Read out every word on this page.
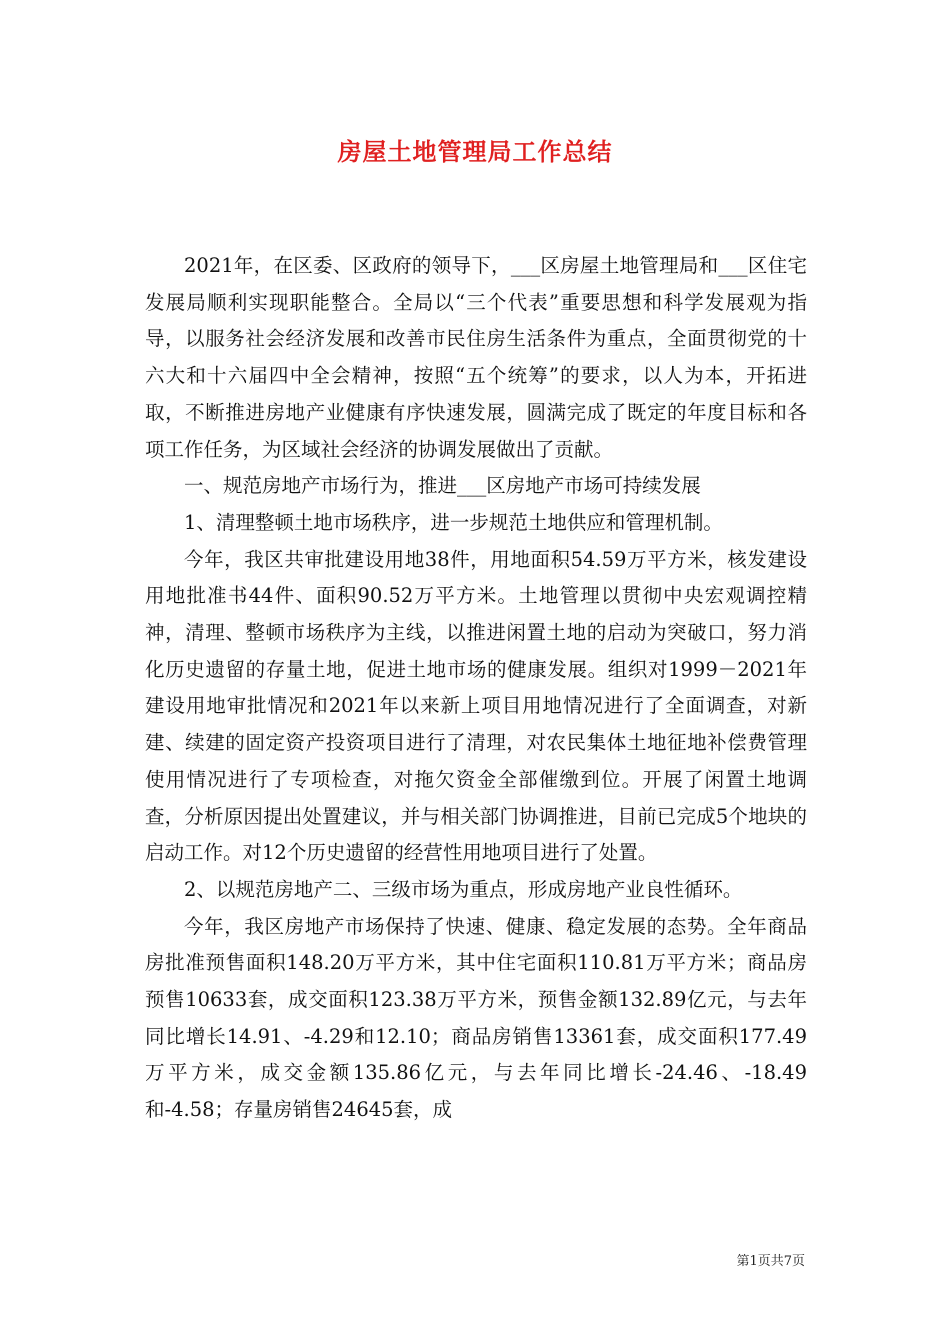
房屋土地管理局工作总结

2021年，在区委、区政府的领导下，___区房屋土地管理局和___区住宅发展局顺利实现职能整合。全局以“三个代表”重要思想和科学发展观为指导，以服务社会经济发展和改善市民住房生活条件为重点，全面贯彻党的十六大和十六届四中全会精神，按照“五个统筹”的要求，以人为本，开拓进取，不断推进房地产业健康有序快速发展，圆满完成了既定的年度目标和各项工作任务，为区域社会经济的协调发展做出了贡献。

一、规范房地产市场行为，推进___区房地产市场可持续发展

1、清理整顿土地市场秩序，进一步规范土地供应和管理机制。

今年，我区共审批建设用地38件，用地面积54.59万平方米，核发建设用地批准书44件、面积90.52万平方米。土地管理以贯彻中央宏观调控精神，清理、整顿市场秩序为主线，以推进闲置土地的启动为突破口，努力消化历史遗留的存量土地，促进土地市场的健康发展。组织对1999－2021年建设用地审批情况和2021年以来新上项目用地情况进行了全面调查，对新建、续建的固定资产投资项目进行了清理，对农民集体土地征地补偿费管理使用情况进行了专项检查，对拖欠资金全部催缴到位。开展了闲置土地调查，分析原因提出处置建议，并与相关部门协调推进，目前已完成5个地块的启动工作。对12个历史遗留的经营性用地项目进行了处置。

2、以规范房地产二、三级市场为重点，形成房地产业良性循环。

今年，我区房地产市场保持了快速、健康、稳定发展的态势。全年商品房批准预售面积148.20万平方米，其中住宅面积110.81万平方米；商品房预售10633套，成交面积123.38万平方米，预售金额132.89亿元，与去年同比增长14.91、-4.29和12.10；商品房销售13361套，成交面积177.49万平方米，成交金额135.86亿元，与去年同比增长-24.46、-18.49和-4.58；存量房销售24645套，成

第1页共7页
